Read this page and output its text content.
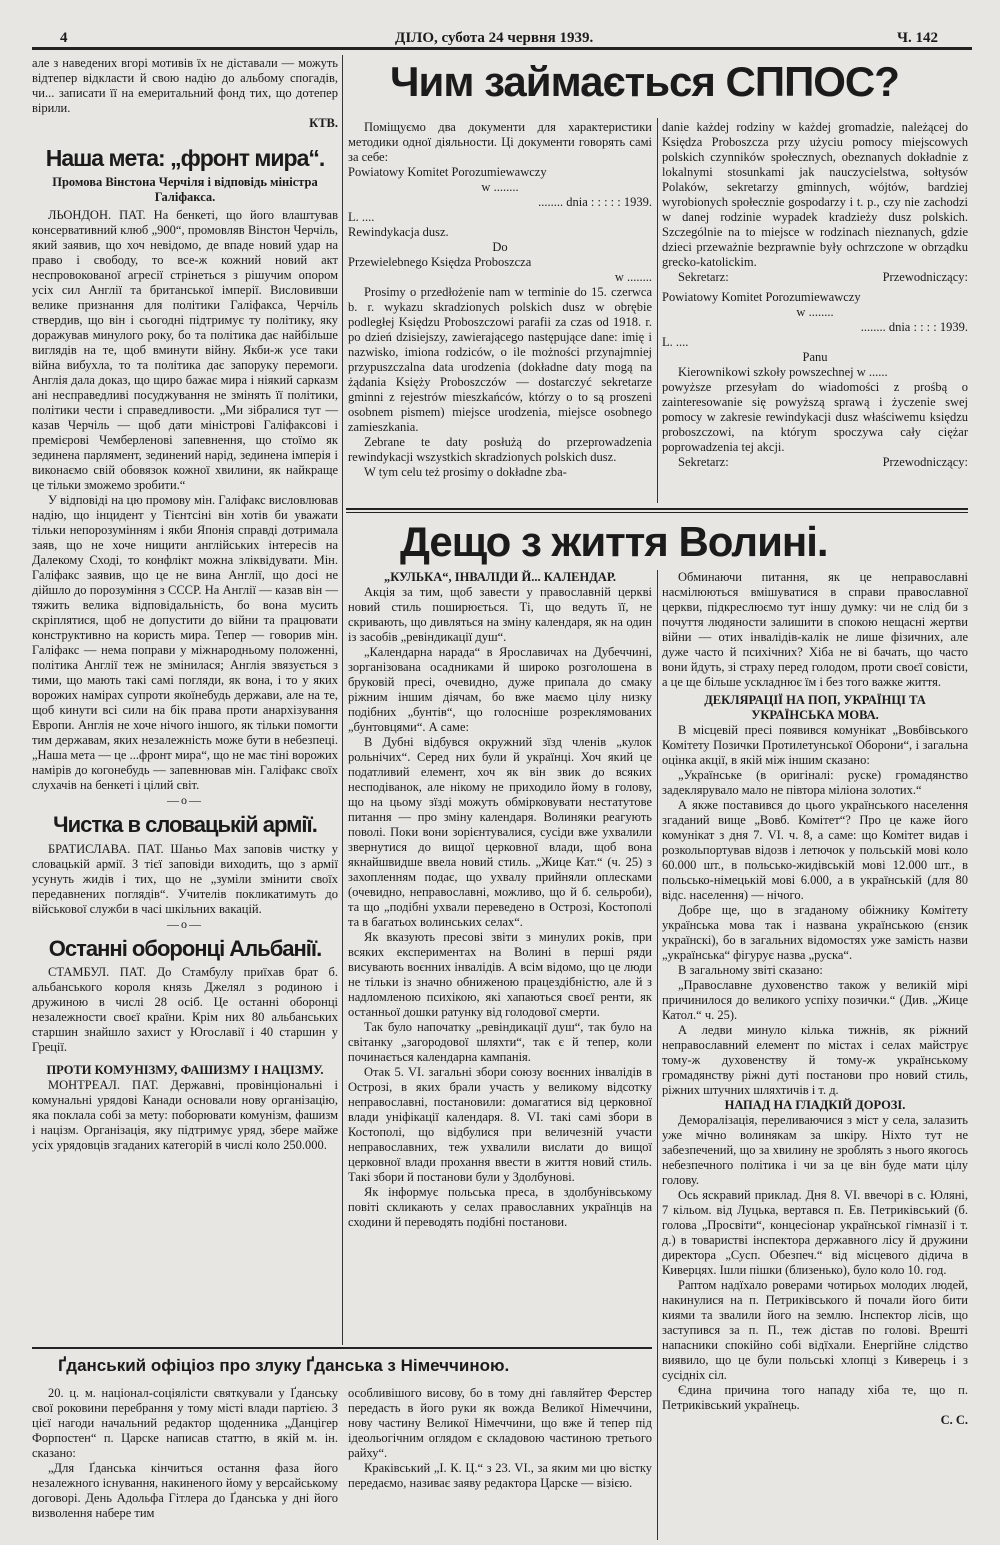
4	ДІЛО, субота 24 червня 1939.	Ч. 142

але з наведених вгорі мотивів їх не діставали — можуть відтепер відкласти й свою надію до альбому спогадів, чи... записати її на емеритальний фонд тих, що дотепер вірили.

КТВ.

Наша мета: „фронт мира“.

Промова Вінстона Черчіля і відповідь міністра Галіфакса.

ЛЬОНДОН. ПАТ. На бенкеті, що його влаштував консервативний клюб „900“, промовляв Вінстон Черчіль, який заявив, що хоч невідомо, де впаде новий удар на право і свободу, то все-ж кожний новий акт неспровокованої агресії стрінеться з рішучим опором усіх сил Англії та британської імперії. Висловивши велике признання для політики Галіфакса, Черчіль ствердив, що він і сьогодні підтримує ту політику, яку доражував минулого року, бо та політика дає найбільше виглядів на те, щоб вминути війну. Якби-ж усе таки війна вибухла, то та політика дає запоруку перемоги. Англія дала доказ, що щиро бажає мира і ніякий сарказм ані несправедливі посуджування не змінять її політики, політики чести і справедливости. „Ми зібралися тут — казав Черчіль — щоб дати міністрові Галіфаксові і премієрові Чемберленові запевнення, що стоїмо як зединена парлямент, зединений нарід, зединена імперія і виконаємо свій обовязок кожної хвилини, як найкраще це тільки зможемо зробити.“

У відповіді на цю промову мін. Галіфакс висловлював надію, що інцидент у Тієнтсіні він хотів би уважати тільки непорозумінням і якби Японія справді дотримала заяв, що не хоче нищити англійських інтересів на Далекому Сході, то конфлікт можна зліквідувати. Мін. Галіфакс заявив, що це не вина Англії, що досі не дійшло до порозуміння з СССР. На Англії — казав він — тяжить велика відповідальність, бо вона мусить скріплятися, щоб не допустити до війни та працювати конструктивно на користь мира. Тепер — говорив мін. Галіфакс — нема поправи у міжнародньому положенні, політика Англії теж не змінилася; Англія звязується з тими, що мають такі самі погляди, як вона, і то у яких ворожих намірах супроти якоїнебудь держави, але на те, щоб кинути всі сили на бік права проти анархізування Европи. Англія не хоче нічого іншого, як тільки помогти тим державам, яких незалежність може бути в небезпеці. „Наша мета — це ...фронт мира“, що не має тіні ворожих намірів до когонебудь — запевнював мін. Галіфакс своїх слухачів на бенкеті і цілий світ.

—o—

Чистка в словацькій армії.

БРАТИСЛАВА. ПАТ. Шаньо Мах заповів чистку у словацькій армії. З тієї заповіди виходить, що з армії усунуть жидів і тих, що не „зуміли змінити своїх передавнених поглядів“. Учителів покликатимуть до військової служби в часі шкільних вакацій.

—o—

Останні оборонці Альбанії.

СТАМБУЛ. ПАТ. До Стамбулу приїхав брат б. альбанського короля князь Джелял з родиною і дружиною в числі 28 осіб. Це останні оборонці незалежности своєї країни. Крім них 80 альбанських старшин знайшло захист у Югославії і 40 старшин у Греції.

ПРОТИ КОМУНІЗМУ, ФАШИЗМУ І НАЦІЗМУ.

МОНТРЕАЛ. ПАТ. Державні, провінціональні і комунальні урядові Канади основали нову організацію, яка поклала собі за мету: поборювати комунізм, фашизм і націзм. Організація, яку підтримує уряд, збере майже усіх урядовців згаданих категорій в числі коло 250.000.

Чим займається СППОС?

Поміщуємо два документи для характеристики методики одної діяльности. Ці документи говорять самі за себе:

Powiatowy Komitet Porozumiewawczy

w ........

........ dnia : : : : : 1939.

L. ....

Rewindykacja dusz.

Do

Przewielebnego Księdza Proboszcza

w ........

Prosimy o przedłożenie nam w terminie do 15. czerwca b. r. wykazu skradzionych polskich dusz w obrębie podległej Księdzu Proboszczowi parafii za czas od 1918. r. po dzień dzisiejszy, zawierającego następujące dane: imię i nazwisko, imiona rodziców, o ile możności przynajmniej przypuszczalna data urodzenia (dokładne daty mogą na żądania Księży Proboszczów — dostarczyć sekretarze gminni z rejestrów mieszkańców, którzy o to są proszeni osobnem pismem) miejsce urodzenia, miejsce osobnego zamieszkania.

Zebrane te daty posłużą do przeprowadzenia rewindykacji wszystkich skradzionych polskich dusz.

W tym celu też prosimy o dokładne zba-

danie każdej rodziny w każdej gromadzie, należącej do Księdza Proboszcza przy użyciu pomocy miejscowych polskich czynników społecznych, obeznanych dokładnie z lokalnymi stosunkami jak nauczycielstwa, sołtysów Polaków, sekretarzy gminnych, wójtów, bardziej wyrobionych społecznie gospodarzy i t. p., czy nie zachodzi w danej rodzinie wypadek kradzieży dusz polskich. Szczególnie na to miejsce w rodzinach nieznanych, gdzie dzieci przeważnie bezprawnie były ochrzczone w obrządku grecko-katolickim.

Sekretarz:	Przewodniczący:

Powiatowy Komitet Porozumiewawczy

w ........

........ dnia : : : : 1939.

L. ....

Panu

Kierownikowi szkoły powszechnej w ......

powyższe przesyłam do wiadomości z prośbą o zainteresowanie się powyższą sprawą i życzenie swej pomocy w zakresie rewindykacji dusz właściwemu księdzu proboszczowi, na którym spoczywa cały ciężar poprowadzenia tej akcji.

Sekretarz:	Przewodniczący:

Дещо з життя Волині.

„КУЛЬКА“, ІНВАЛІДИ Й... КАЛЕНДАР.

Акція за тим, щоб завести у православній церкві новий стиль поширюється. Ті, що ведуть її, не скривають, що дивляться на зміну календаря, як на один із засобів „ревіндикації душ“.

„Календарна нарада“ в Ярославичах на Дубеччині, зорганізована осадниками й широко розголошена в бруковій пресі, очевидно, дуже припала до смаку ріжним іншим діячам, бо вже маємо цілу низку подібних „бунтів“, що голосніше розреклямованих „бунтовцями“. А саме:

В Дубні відбувся окружний зїзд членів „кулок рольнічих“. Серед них були й українці. Хоч який це податливий елемент, хоч як він звик до всяких несподіванок, але нікому не приходило йому в голову, що на цьому зїзді можуть обмірковувати нестатутове питання — про зміну календаря. Волиняки реагують поволі. Поки вони зорієнтувалися, сусіди вже ухвалили звернутися до вищої церковної влади, щоб вона якнайшвидше ввела новий стиль. „Жице Кат.“ (ч. 25) з захопленням подає, що ухвалу прийняли оплесками (очевидно, неправославні, можливо, що й б. сельроби), та що „подібні ухвали переведено в Острозі, Костополі та в багатьох волинських селах“.

Як вказують пресові звіти з минулих років, при всяких експериментах на Волині в перші ряди висувають воєнних інвалідів. А всім відомо, що це люди не тільки із значно обниженою працездібністю, але й з надломленою психікою, які хапаються своєї ренти, як останньої дошки ратунку від голодової смерти.

Так було напочатку „ревіндикації душ“, так було на світанку „загородової шляхти“, так є й тепер, коли починається календарна кампанія.

Отак 5. VI. загальні збори союзу воєнних інвалідів в Острозі, в яких брали участь у великому відсотку неправославні, постановили: домагатися від церковної влади уніфікації календаря. 8. VI. такі самі збори в Костополі, що відбулися при величезній участи неправославних, теж ухвалили вислати до вищої церковної влади прохання ввести в життя новий стиль. Такі збори й постанови були у Здолбунові.

Як інформує польська преса, в здолбунівському повіті скликають у селах православних українців на сходини й переводять подібні постанови.

Обминаючи питання, як це неправославні насмілюються вмішуватися в справи православної церкви, підкреслюємо тут іншу думку: чи не слід би з почуття людяности залишити в спокою нещасні жертви війни — отих інвалідів-калік не лише фізичних, але дуже часто й психічних? Хіба не ві бачать, що часто вони йдуть, зі страху перед голодом, проти своєї совісти, а це ще більше ускладнює їм і без того важке життя.

ДЕКЛЯРАЦІЇ НА ПОП, УКРАЇНЦІ ТА УКРАЇНСЬКА МОВА.

В місцевій пресі появився комунікат „Вовбівського Комітету Позички Протилетунської Оборони“, і загальна оцінка акції, в якій між іншим сказано:

„Українське (в оригіналі: руске) громадянство задеклярувало мало не півтора міліона золотих.“

А якже поставився до цього українського населення згаданий вище „Вовб. Комітет“? Про це каже його комунікат з дня 7. VI. ч. 8, а саме: що Комітет видав і розкольпортував відозв і летючок у польській мові коло 60.000 шт., в польсько-жидівській мові 12.000 шт., в польсько-німецькій мові 6.000, а в українській (для 80 відс. населення) — нічого.

Добре ще, що в згаданому обіжнику Комітету українська мова так і названа українською (єнзик українскі), бо в загальних відомостях уже замість назви „українська“ фігурує назва „руска“.

В загальному звіті сказано:

„Православне духовенство також у великій мірі причинилося до великого успіху позички.“ (Див. „Жице Катол.“ ч. 25).

А ледви минуло кілька тижнів, як ріжний неправославний елемент по містах і селах майструє тому-ж духовенству й тому-ж українському громадянству ріжні дуті постанови про новий стиль, ріжних штучних шляхтичів і т. д.

НАПАД НА ГЛАДКІЙ ДОРОЗІ.

Деморалізація, переливаючися з міст у села, залазить уже мічно волинякам за шкіру. Ніхто тут не забезпечений, що за хвилину не зроблять з нього якогось небезпечного політика і чи за це він буде мати цілу голову.

Ось яскравий приклад. Дня 8. VI. ввечорі в с. Юляні, 7 кільом. від Луцька, вертався п. Ев. Петриківський (б. голова „Просвіти“, концесіонар української гімназії і т. д.) в товаристві інспектора державного лісу й дружини директора „Сусп. Обезпеч.“ від місцевого дідича в Киверцях. Ішли пішки (близенько), було коло 10. год.

Раптом надїхало роверами чотирьох молодих людей, накинулися на п. Петриківського й почали його бити киями та звалили його на землю. Інспектор лісів, що заступився за п. П., теж дістав по голові. Врешті напасники спокійно собі відїхали. Енергійне слідство виявило, що це були польські хлопці з Киверець і з сусідніх сіл.

Єдина причина того нападу хіба те, що п. Петриківський українець.

С. С.

Ґданський офіціоз про злуку Ґданська з Німеччиною.

20. ц. м. націонал-соціялісти святкували у Ґданську свої роковини перебрання у тому місті влади партією. З цієї нагоди начальний редактор щоденника „Данцігер Форпостен“ п. Царске написав статтю, в якій м. ін. сказано:

„Для Ґданська кінчиться остання фаза його незалежного існування, накиненого йому у версайському договорі. День Адольфа Гітлера до Ґданська у дні його визволення набере тим

особливішого висову, бо в тому дні ґавляйтер Ферстер передасть в його руки як вожда Великої Німеччини, нову частину Великої Німеччини, що вже й тепер під ідеольогічним оглядом є складовою частиною третього райху“.

Краківський „І. К. Ц.“ з 23. VI., за яким ми цю вістку передаємо, називає заяву редактора Царске — візією.
